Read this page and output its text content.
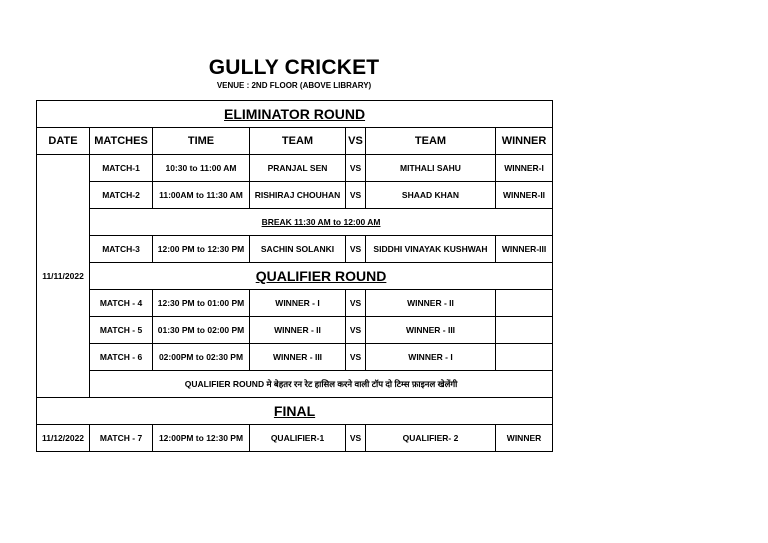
GULLY CRICKET
VENUE : 2ND FLOOR (ABOVE LIBRARY)
ELIMINATOR ROUND						
DATE	MATCHES	TIME	TEAM	VS	TEAM	WINNER
11/11/2022	MATCH-1	10:30 to 11:00 AM	PRANJAL SEN	VS	MITHALI SAHU	WINNER-I
	MATCH-2	11:00AM to 11:30 AM	RISHIRAJ CHOUHAN	VS	SHAAD KHAN	WINNER-II
	BREAK 11:30 AM to 12:00 AM					
	MATCH-3	12:00 PM to 12:30 PM	SACHIN SOLANKI	VS	SIDDHI VINAYAK KUSHWAH	WINNER-III
	QUALIFIER ROUND					
	MATCH - 4	12:30 PM to 01:00 PM	WINNER - I	VS	WINNER - II	
	MATCH - 5	01:30 PM to 02:00 PM	WINNER - II	VS	WINNER - III	
	MATCH - 6	02:00PM to 02:30 PM	WINNER - III	VS	WINNER - I	
	QUALIFIER ROUND मे बेहतर रन रेट हासिल करने वाली टॉप दो टिम्स फ़ाइनल खेलेंगी					
FINAL						
11/12/2022	MATCH - 7	12:00PM to 12:30 PM	QUALIFIER-1	VS	QUALIFIER- 2	WINNER
